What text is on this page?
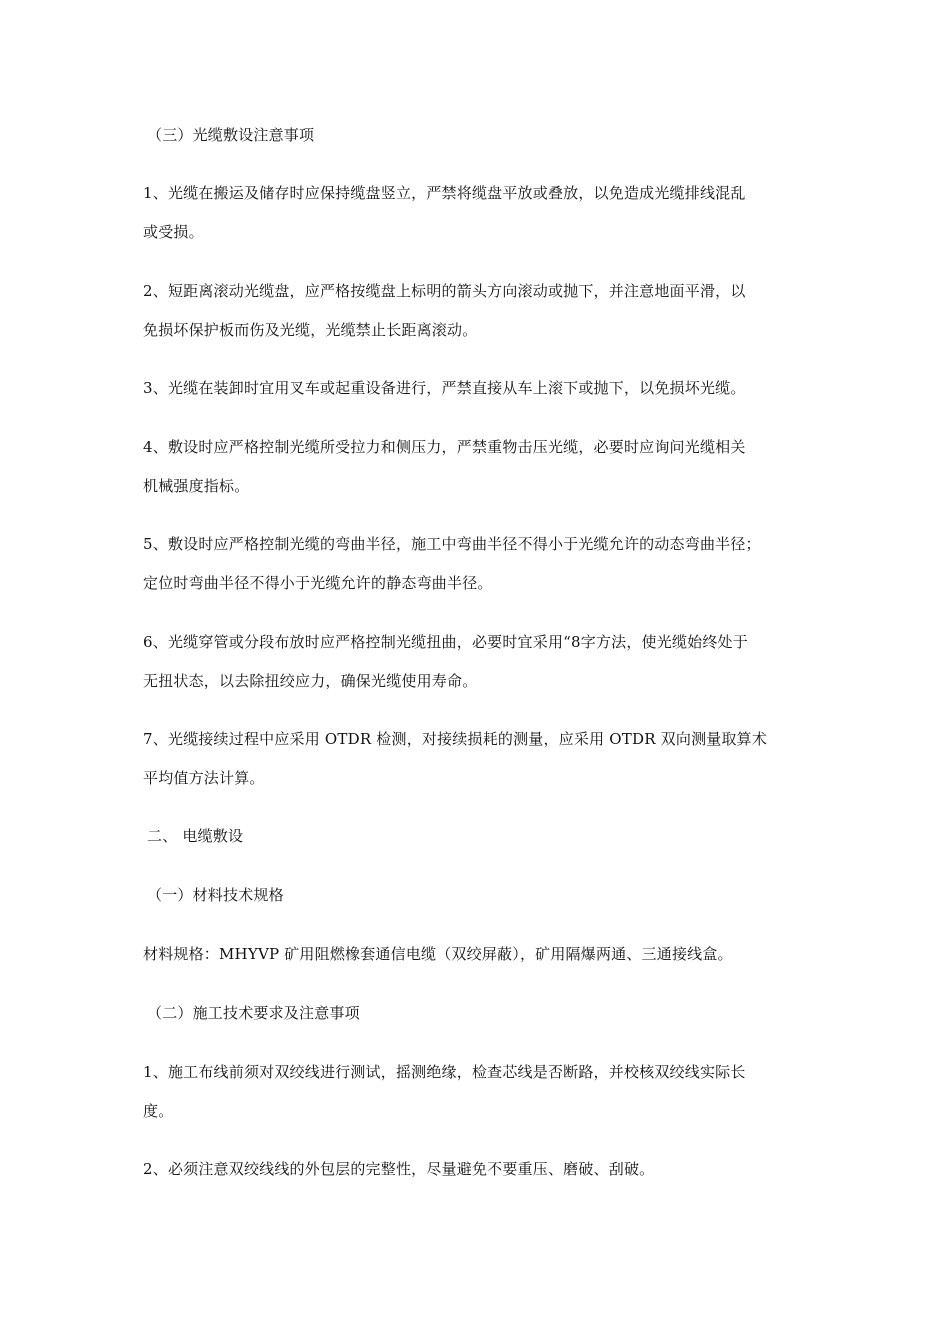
（三）光缆敷设注意事项
1、光缆在搬运及储存时应保持缆盘竖立，严禁将缆盘平放或叠放，以免造成光缆排线混乱
或受损。
2、短距离滚动光缆盘，应严格按缆盘上标明的箭头方向滚动或抛下，并注意地面平滑，以
免损坏保护板而伤及光缆，光缆禁止长距离滚动。
3、光缆在装卸时宜用叉车或起重设备进行，严禁直接从车上滚下或抛下，以免损坏光缆。
4、敷设时应严格控制光缆所受拉力和侧压力，严禁重物击压光缆，必要时应询问光缆相关
机械强度指标。
5、敷设时应严格控制光缆的弯曲半径，施工中弯曲半径不得小于光缆允许的动态弯曲半径；
定位时弯曲半径不得小于光缆允许的静态弯曲半径。
6、光缆穿管或分段布放时应严格控制光缆扭曲，必要时宜采用“8字方法，使光缆始终处于
无扭状态，以去除扭绞应力，确保光缆使用寿命。
7、光缆接续过程中应采用 OTDR 检测，对接续损耗的测量，应采用 OTDR 双向测量取算术
平均值方法计算。
二、 电缆敷设
（一）材料技术规格
材料规格：MHYVP 矿用阻燃橡套通信电缆（双绞屏蔽），矿用隔爆两通、三通接线盒。
（二）施工技术要求及注意事项
1、施工布线前须对双绞线进行测试，摇测绝缘，检查芯线是否断路，并校核双绞线实际长
度。
2、必须注意双绞线线的外包层的完整性，尽量避免不要重压、磨破、刮破。
